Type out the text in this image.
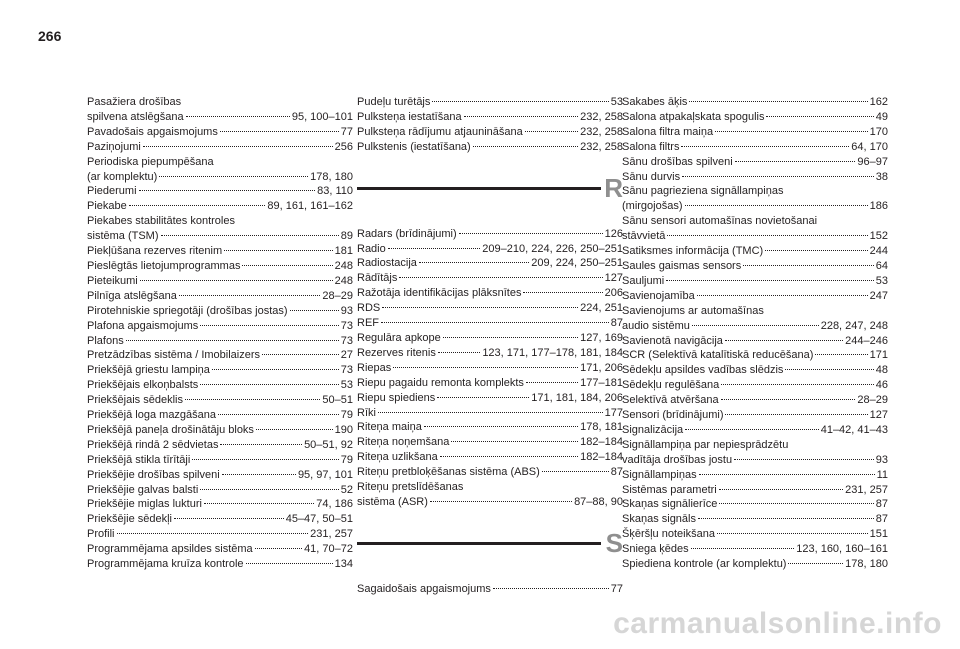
266
Pasažiera drošības
spilvena atslēgšana	95, 100–101
Pavadošais apgaismojums	77
Paziņojumi	256
Periodiska piepumpēšana
(ar komplektu)	178, 180
Piederumi	83, 110
Piekabe	89, 161, 161–162
Piekabes stabilitātes kontroles
sistēma (TSM)	89
Piekļūšana rezerves ritenim	181
Pieslēgtās lietojumprogrammas	248
Pieteikumi	248
Pilnīga atslēgšana	28–29
Pirotehniskie spriegotāji (drošības jostas)	93
Plafona apgaismojums	73
Plafons	73
Pretzādzības sistēma / Imobilaizers	27
Priekšējā griestu lampiņa	73
Priekšējais elkoņbalsts	53
Priekšējais sēdeklis	50–51
Priekšējā loga mazgāšana	79
Priekšējā paneļa drošinātāju bloks	190
Priekšējā rindā 2 sēdvietas	50–51, 92
Priekšējā stikla tīrītāji	79
Priekšējie drošības spilveni	95, 97, 101
Priekšējie galvas balsti	52
Priekšējie miglas lukturi	74, 186
Priekšējie sēdekļi	45–47, 50–51
Profili	231, 257
Programmējama apsildes sistēma	41, 70–72
Programmējama kruīza kontrole	134
Pudeļu turētājs	53
Pulksteņa iestatīšana	232, 258
Pulksteņa rādījumu atjaunināšana	232, 258
Pulkstenis (iestatīšana)	232, 258
R
Radars (brīdinājumi)	126
Radio	209–210, 224, 226, 250–251
Radiostacija	209, 224, 250–251
Rādītājs	127
Ražotāja identifikācijas plāksnītes	206
RDS	224, 251
REF	87
Regulāra apkope	127, 169
Rezerves ritenis	123, 171, 177–178, 181, 184
Riepas	171, 206
Riepu pagaidu remonta komplekts	177–181
Riepu spiediens	171, 181, 184, 206
Rīki	177
Riteņa maiņa	178, 181
Riteņa noņemšana	182–184
Riteņa uzlikšana	182–184
Riteņu pretbloķēšanas sistēma (ABS)	87
Riteņu pretslīdēšanas
sistēma (ASR)	87–88, 90
S
Sagaidošais apgaismojums	77
Sakabes āķis	162
Salona atpakaļskata spogulis	49
Salona filtra maiņa	170
Salona filtrs	64, 170
Sānu drošības spilveni	96–97
Sānu durvis	38
Sānu pagrieziena signāllampiņas
(mirgojošas)	186
Sānu sensori automašīnas novietošanai
stāvvietā	152
Satiksmes informācija (TMC)	244
Saules gaismas sensors	64
Sauljumi	53
Savienojamība	247
Savienojums ar automašīnas
audio sistēmu	228, 247, 248
Savienotā navigācija	244–246
SCR (Selektīvā katalītiskā reducēšana)	171
Sēdekļu apsildes vadības slēdzis	48
Sēdekļu regulēšana	46
Selektīvā atvēršana	28–29
Sensori (brīdinājumi)	127
Signalizācija	41–42, 41–43
Signāllampiņa par nepiesprādzētu
vadītāja drošības jostu	93
Signāllampiņas	11
Sistēmas parametri	231, 257
Skaņas signālierīce	87
Skaņas signāls	87
Šķēršļu noteikšana	151
Sniega ķēdes	123, 160, 160–161
Spiediena kontrole (ar komplektu)	178, 180
carmanualsonline.info
